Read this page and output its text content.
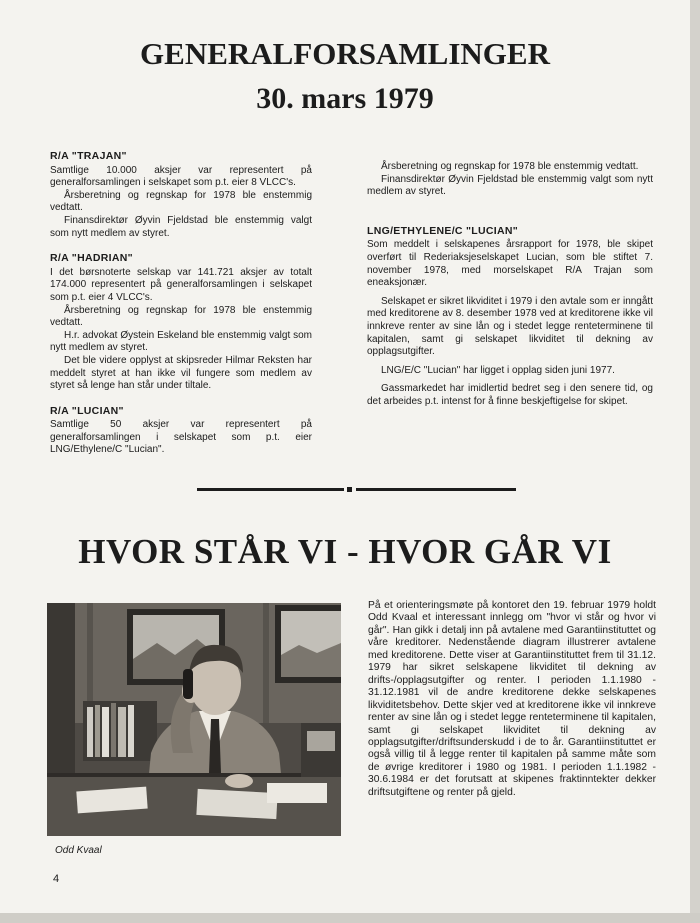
GENERALFORSAMLINGER
30. mars 1979

R/A "TRAJAN"

Samtlige 10.000 aksjer var representert på generalforsamlingen i selskapet som p.t. eier 8 VLCC's.

Årsberetning og regnskap for 1978 ble enstemmig vedtatt.

Finansdirektør Øyvin Fjeldstad ble enstemmig valgt som nytt medlem av styret.

R/A "HADRIAN"

I det børsnoterte selskap var 141.721 aksjer av totalt 174.000 representert på generalforsamlingen i selskapet som p.t. eier 4 VLCC's.

Årsberetning og regnskap for 1978 ble enstemmig vedtatt.

H.r. advokat Øystein Eskeland ble enstemmig valgt som nytt medlem av styret.

Det ble videre opplyst at skipsreder Hilmar Reksten har meddelt styret at han ikke vil fungere som medlem av styret så lenge han står under tiltale.

R/A "LUCIAN"

Samtlige 50 aksjer var representert på generalforsamlingen i selskapet som p.t. eier LNG/Ethylene/C "Lucian".

Årsberetning og regnskap for 1978 ble enstemmig vedtatt.

Finansdirektør Øyvin Fjeldstad ble enstemmig valgt som nytt medlem av styret.

LNG/ETHYLENE/C "LUCIAN"

Som meddelt i selskapenes årsrapport for 1978, ble skipet overført til Rederiaksjeselskapet Lucian, som ble stiftet 7. november 1978, med morselskapet R/A Trajan som eneaksjonær.

Selskapet er sikret likviditet i 1979 i den avtale som er inngått med kreditorene av 8. desember 1978 ved at kreditorene ikke vil innkreve renter av sine lån og i stedet legge renteterminene til kapitalen, samt gi selskapet likviditet til dekning av opplagsutgifter.

LNG/E/C "Lucian" har ligget i opplag siden juni 1977.

Gassmarkedet har imidlertid bedret seg i den senere tid, og det arbeides p.t. intenst for å finne beskjeftigelse for skipet.

HVOR STÅR VI - HVOR GÅR VI
Odd Kvaal

På et orienteringsmøte på kontoret den 19. februar 1979 holdt Odd Kvaal et interessant innlegg om "hvor vi står og hvor vi går". Han gikk i detalj inn på avtalene med Garantiinstituttet og våre kreditorer. Nedenstående diagram illustrerer avtalene med kreditorene. Dette viser at Garantiinstituttet frem til 31.12. 1979 har sikret selskapene likviditet til dekning av drifts-/opplagsutgifter og renter. I perioden 1.1.1980 - 31.12.1981 vil de andre kreditorene dekke selskapenes likviditetsbehov. Dette skjer ved at kreditorene ikke vil innkreve renter av sine lån og i stedet legge renteterminene til kapitalen, samt gi selskapet likviditet til dekning av opplagsutgifter/driftsunderskudd i de to år. Garantiinstituttet er også villig til å legge renter til kapitalen på samme måte som de øvrige kreditorer i 1980 og 1981. I perioden 1.1.1982 - 30.6.1984 er det forutsatt at skipenes fraktinntekter dekker driftsutgiftene og renter på gjeld.

4
